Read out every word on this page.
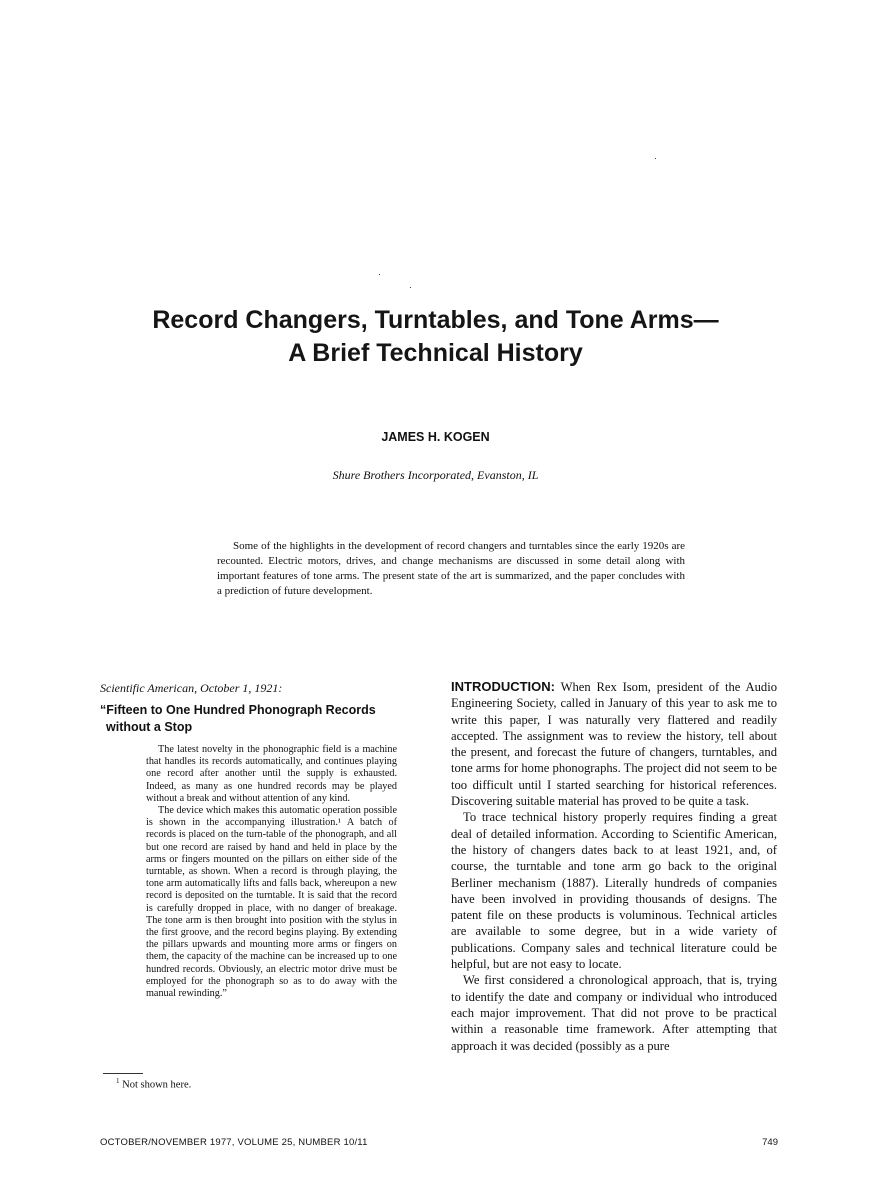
Record Changers, Turntables, and Tone Arms—
A Brief Technical History
JAMES H. KOGEN
Shure Brothers Incorporated, Evanston, IL

Some of the highlights in the development of record changers and turntables since the early 1920s are recounted. Electric motors, drives, and change mechanisms are discussed in some detail along with important features of tone arms. The present state of the art is summarized, and the paper concludes with a prediction of future development.

Scientific American, October 1, 1921:

“Fifteen to One Hundred Phonograph Records without a Stop

The latest novelty in the phonographic field is a machine that handles its records automatically, and continues playing one record after another until the supply is exhausted. Indeed, as many as one hundred records may be played without a break and without attention of any kind.

The device which makes this automatic operation possible is shown in the accompanying illustration.¹ A batch of records is placed on the turn-table of the phonograph, and all but one record are raised by hand and held in place by the arms or fingers mounted on the pillars on either side of the turntable, as shown. When a record is through playing, the tone arm automatically lifts and falls back, whereupon a new record is deposited on the turntable. It is said that the record is carefully dropped in place, with no danger of breakage. The tone arm is then brought into position with the stylus in the first groove, and the record begins playing. By extending the pillars upwards and mounting more arms or fingers on them, the capacity of the machine can be increased up to one hundred records. Obviously, an electric motor drive must be employed for the phonograph so as to do away with the manual rewinding.”

$^1$ Not shown here.

INTRODUCTION: When Rex Isom, president of the Audio Engineering Society, called in January of this year to ask me to write this paper, I was naturally very flattered and readily accepted. The assignment was to review the history, tell about the present, and forecast the future of changers, turntables, and tone arms for home phonographs. The project did not seem to be too difficult until I started searching for historical references. Discovering suitable material has proved to be quite a task.

To trace technical history properly requires finding a great deal of detailed information. According to Scientific American, the history of changers dates back to at least 1921, and, of course, the turntable and tone arm go back to the original Berliner mechanism (1887). Literally hundreds of companies have been involved in providing thousands of designs. The patent file on these products is voluminous. Technical articles are available to some degree, but in a wide variety of publications. Company sales and technical literature could be helpful, but are not easy to locate.

We first considered a chronological approach, that is, trying to identify the date and company or individual who introduced each major improvement. That did not prove to be practical within a reasonable time framework. After attempting that approach it was decided (possibly as a pure

OCTOBER/NOVEMBER 1977, VOLUME 25, NUMBER 10/11	749
